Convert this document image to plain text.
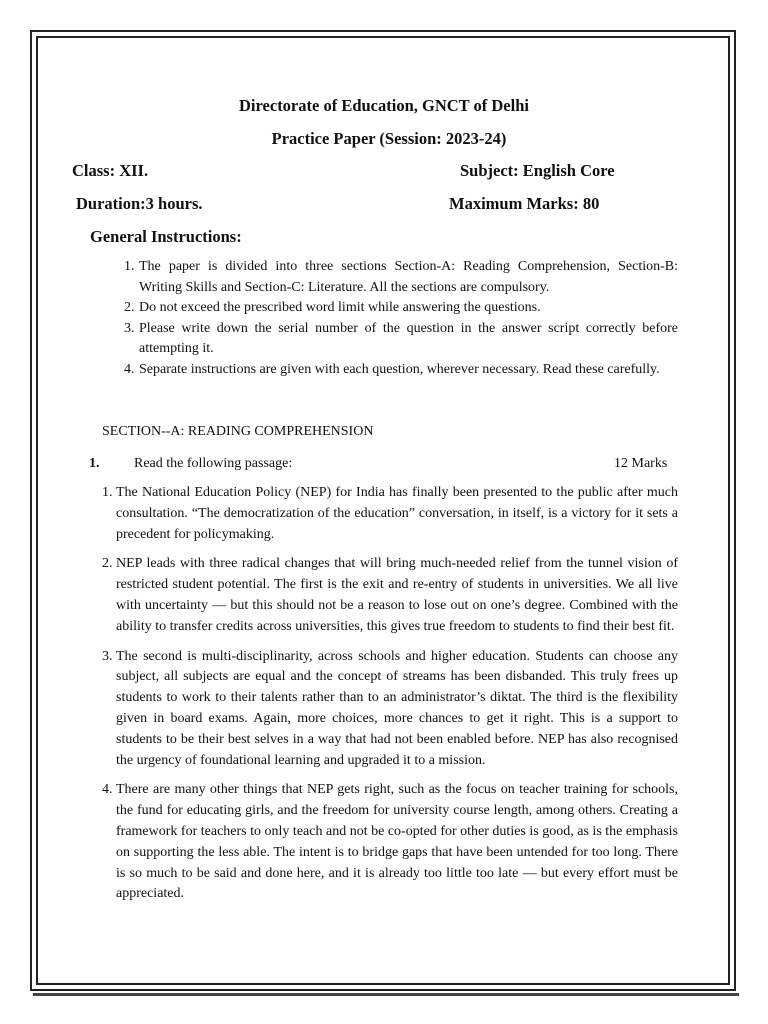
Directorate of Education, GNCT of Delhi
Practice Paper (Session: 2023-24)
Class: XII.	Subject: English Core
Duration:3 hours.	Maximum Marks: 80
General Instructions:
1. The paper is divided into three sections Section-A: Reading Comprehension, Section-B: Writing Skills and Section-C: Literature. All the sections are compulsory.
2. Do not exceed the prescribed word limit while answering the questions.
3. Please write down the serial number of the question in the answer script correctly before attempting it.
4. Separate instructions are given with each question, wherever necessary. Read these carefully.
SECTION--A: READING COMPREHENSION
1. Read the following passage:	12 Marks
1. The National Education Policy (NEP) for India has finally been presented to the public after much consultation. “The democratization of the education” conversation, in itself, is a victory for it sets a precedent for policymaking.
2. NEP leads with three radical changes that will bring much-needed relief from the tunnel vision of restricted student potential. The first is the exit and re-entry of students in universities. We all live with uncertainty — but this should not be a reason to lose out on one’s degree. Combined with the ability to transfer credits across universities, this gives true freedom to students to find their best fit.
3. The second is multi-disciplinarity, across schools and higher education. Students can choose any subject, all subjects are equal and the concept of streams has been disbanded. This truly frees up students to work to their talents rather than to an administrator’s diktat. The third is the flexibility given in board exams. Again, more choices, more chances to get it right. This is a support to students to be their best selves in a way that had not been enabled before. NEP has also recognised the urgency of foundational learning and upgraded it to a mission.
4. There are many other things that NEP gets right, such as the focus on teacher training for schools, the fund for educating girls, and the freedom for university course length, among others. Creating a framework for teachers to only teach and not be co-opted for other duties is good, as is the emphasis on supporting the less able. The intent is to bridge gaps that have been untended for too long. There is so much to be said and done here, and it is already too little too late — but every effort must be appreciated.
